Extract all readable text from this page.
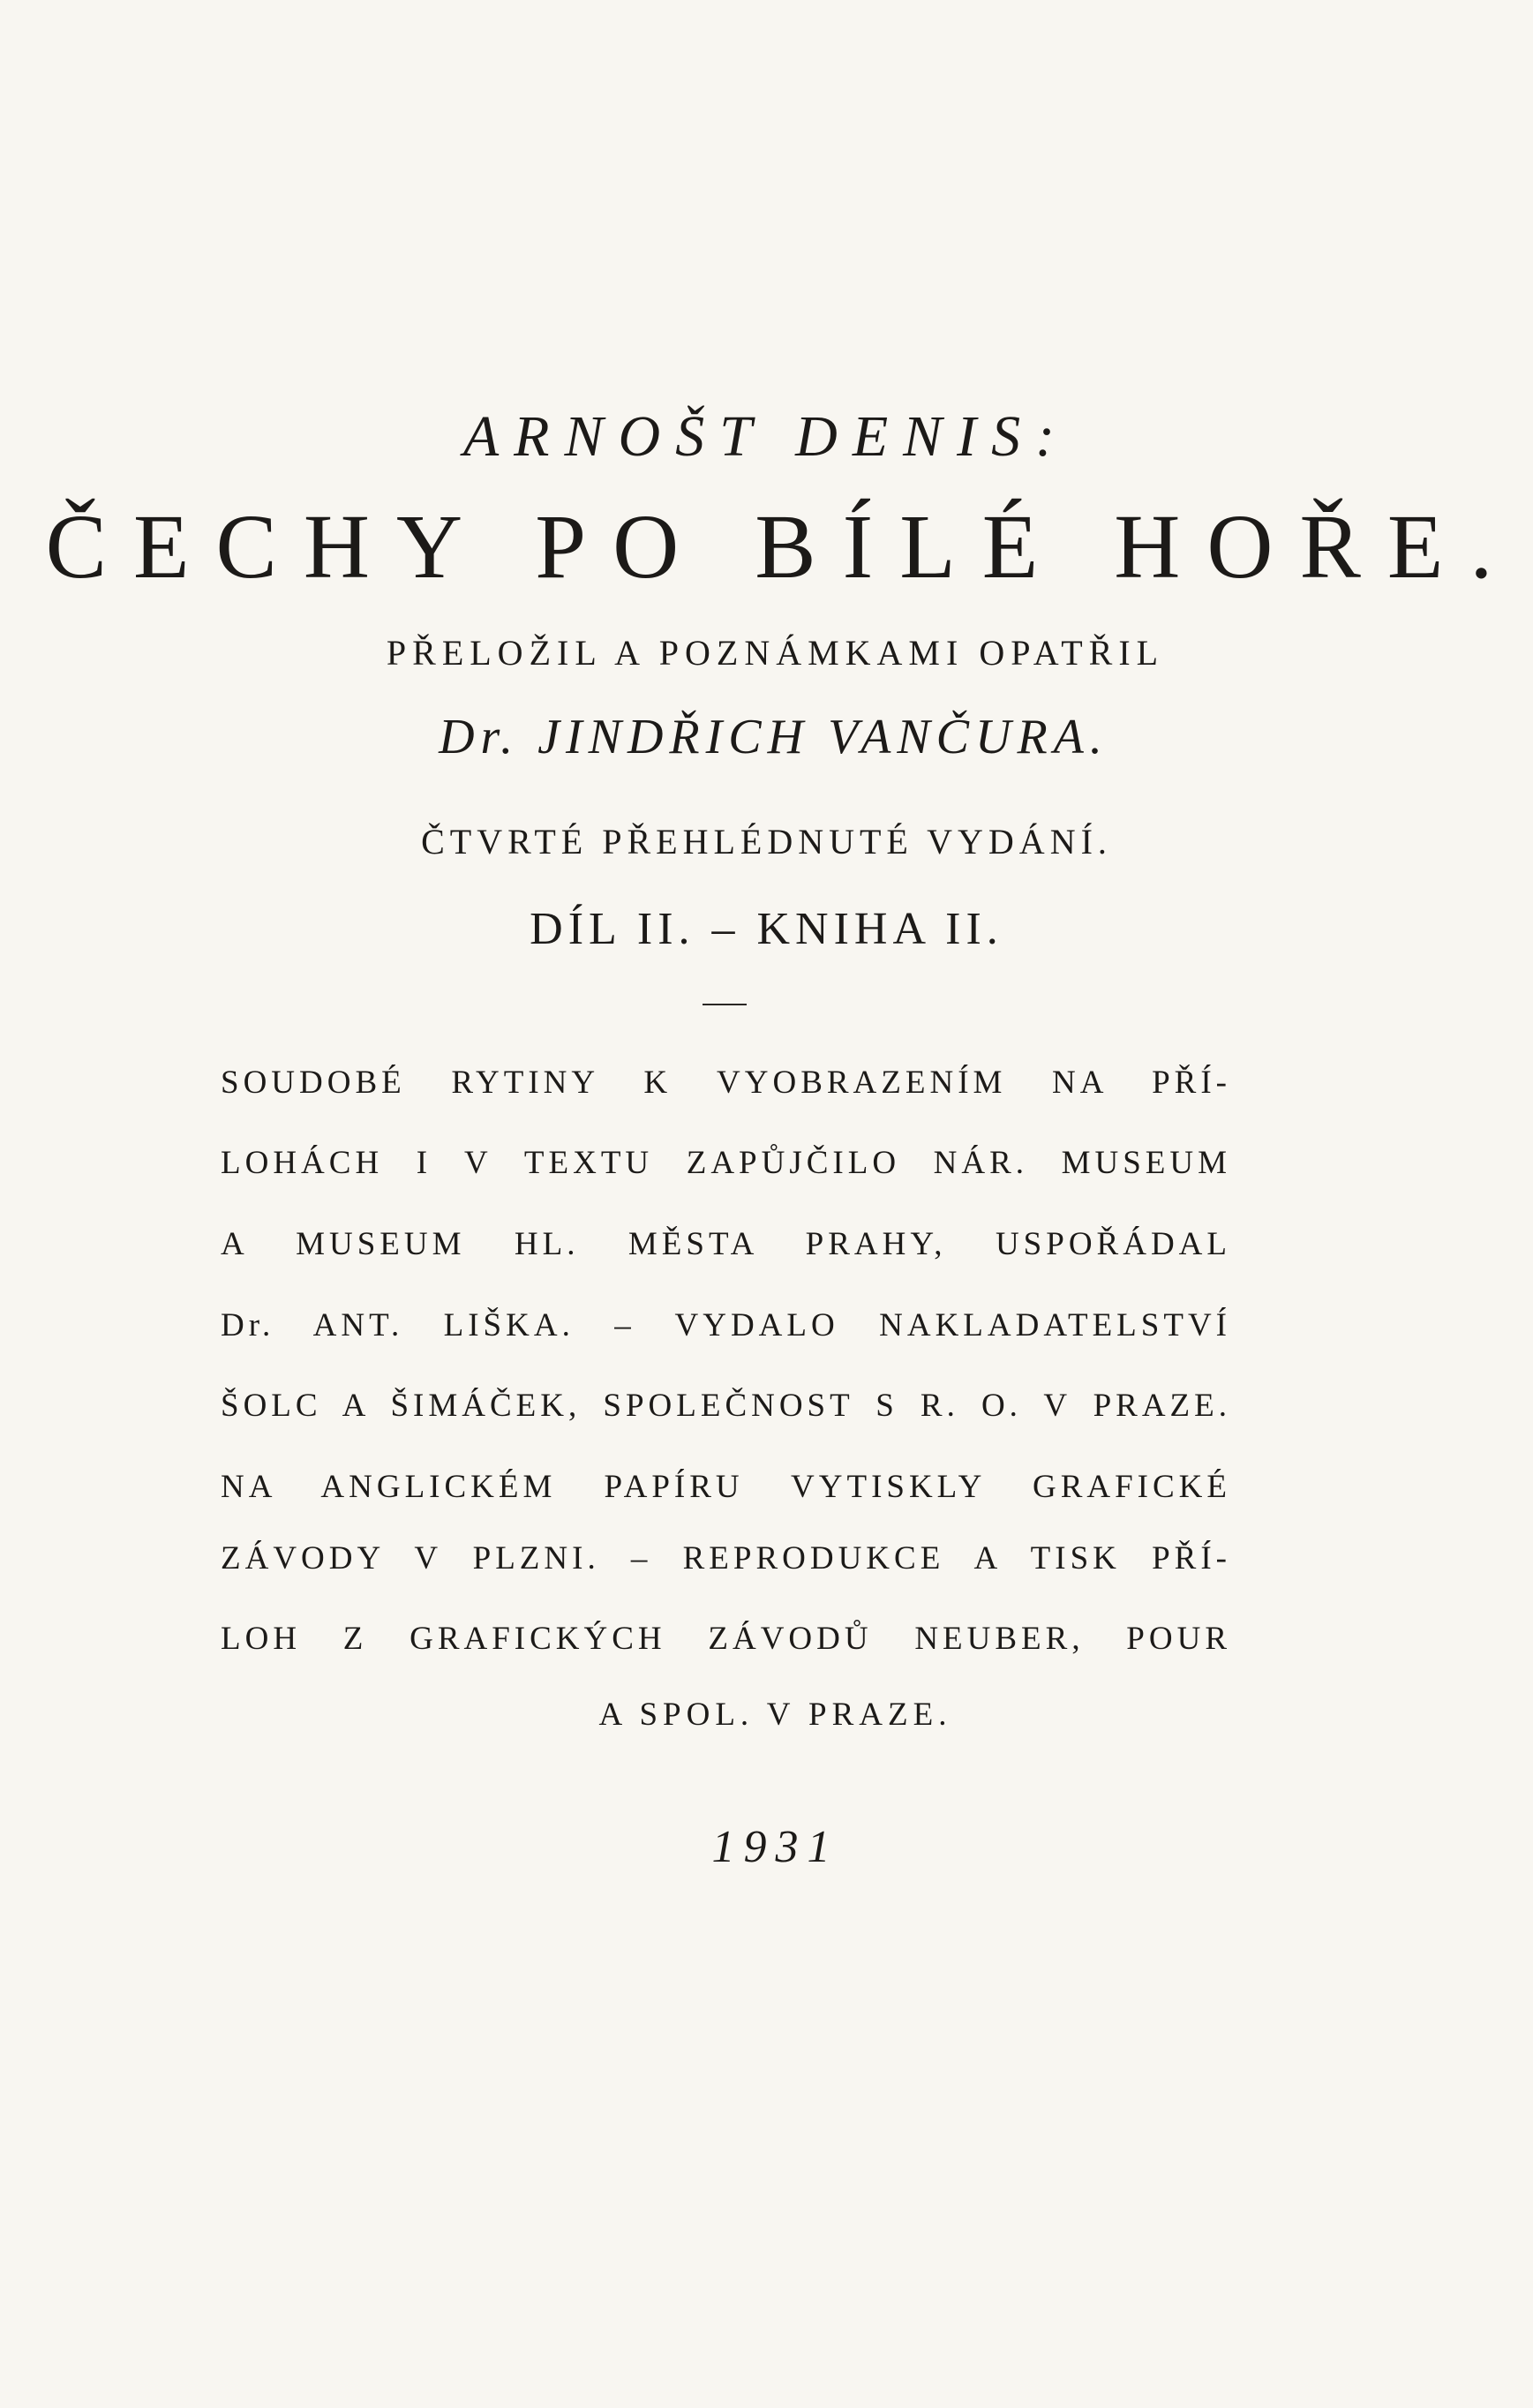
ARNOŠT DENIS:
ČECHY PO BÍLÉ HOŘE.
PŘELOŽIL A POZNÁMKAMI OPATŘIL
Dr. JINDŘICH VANČURA.
ČTVRTÉ PŘEHLÉDNUTÉ VYDÁNÍ.
DÍL II. – KNIHA II.
SOUDOBÉ RYTINY K VYOBRAZENÍM NA PŘÍ-
LOHÁCH I V TEXTU ZAPŮJČILO NÁR. MUSEUM
A MUSEUM HL. MĚSTA PRAHY, USPOŘÁDAL
Dr. ANT. LIŠKA. – VYDALO NAKLADATELSTVÍ
ŠOLC A ŠIMÁČEK, SPOLEČNOST S R. O. V PRAZE.
NA ANGLICKÉM PAPÍRU VYTISKLY GRAFICKÉ
ZÁVODY V PLZNI. – REPRODUKCE A TISK PŘÍ-
LOH Z GRAFICKÝCH ZÁVODŮ NEUBER, POUR
A SPOL. V PRAZE.
1931
